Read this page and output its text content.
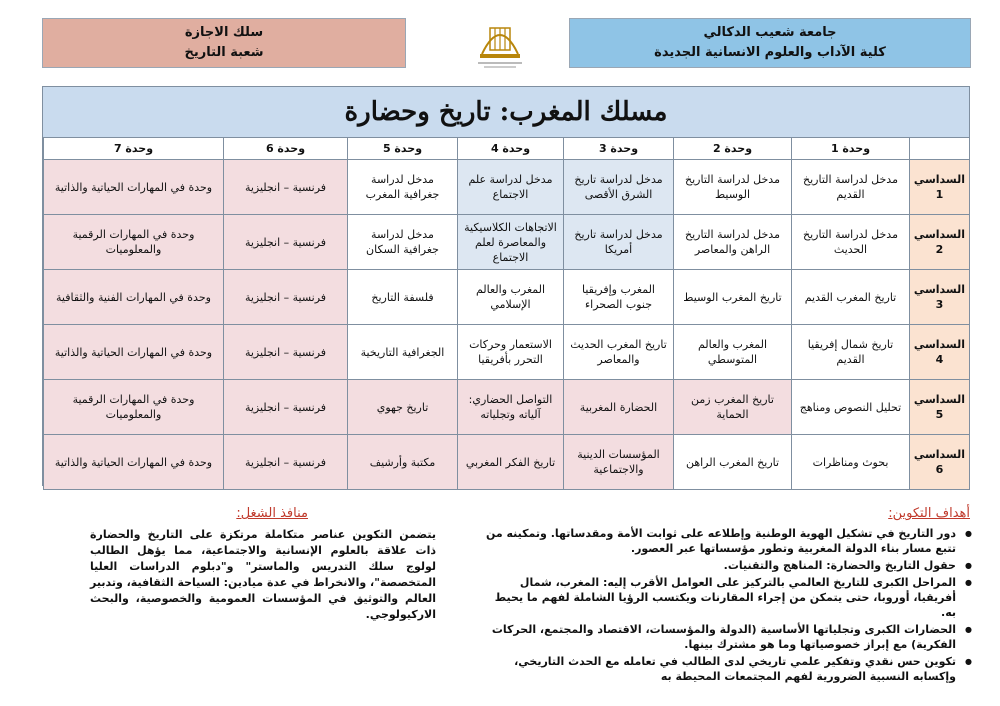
جامعة شعيب الدكالي
كلية الآداب والعلوم الانسانية الجديدة
سلك الاجازة
شعبة التاريخ
مسلك المغرب: تاريخ وحضارة
	وحدة 1	وحدة 2	وحدة 3	وحدة 4	وحدة 5	وحدة 6	وحدة 7
السداسي 1	مدخل لدراسة التاريخ القديم	مدخل لدراسة التاريخ الوسيط	مدخل لدراسة تاريخ الشرق الأقصى	مدخل لدراسة علم الاجتماع	مدخل لدراسة جغرافية المغرب	فرنسية – انجليزية	وحدة في المهارات الحياتية والذاتية
السداسي 2	مدخل لدراسة التاريخ الحديث	مدخل لدراسة التاريخ الراهن والمعاصر	مدخل لدراسة تاريخ أمريكا	الاتجاهات الكلاسيكية والمعاصرة لعلم الاجتماع	مدخل لدراسة جغرافية السكان	فرنسية – انجليزية	وحدة في المهارات الرقمية والمعلوميات
السداسي 3	تاريخ المغرب القديم	تاريخ المغرب الوسيط	المغرب وإفريقيا جنوب الصحراء	المغرب والعالم الإسلامي	فلسفة التاريخ	فرنسية – انجليزية	وحدة في المهارات الفنية والثقافية
السداسي 4	تاريخ شمال إفريقيا القديم	المغرب والعالم المتوسطي	تاريخ المغرب الحديث والمعاصر	الاستعمار وحركات التحرر بأفريقيا	الجغرافية التاريخية	فرنسية – انجليزية	وحدة في المهارات الحياتية والذاتية
السداسي 5	تحليل النصوص ومناهج	تاريخ المغرب زمن الحماية	الحضارة المغربية	التواصل الحضاري: آلياته وتجلياته	تاريخ جهوي	فرنسية – انجليزية	وحدة في المهارات الرقمية والمعلوميات
السداسي 6	بحوث ومناظرات	تاريخ المغرب الراهن	المؤسسات الدينية والاجتماعية	تاريخ الفكر المغربي	مكتبة وأرشيف	فرنسية – انجليزية	وحدة في المهارات الحياتية والذاتية
أهداف التكوين:
● دور التاريخ في تشكيل الهوية الوطنية وإطلاعه على ثوابت الأمة ومقدساتها. وتمكينه من تتبع مسار بناء الدولة المغربية وتطور مؤسساتها عبر العصور.
● حقول التاريخ والحضارة: المناهج والتقنيات.
● المراحل الكبرى للتاريخ العالمي بالتركيز على العوامل الأقرب إليه: المغرب، شمال أفريقيا، أوروبا، حتى يتمكن من إجراء المقارنات ويكتسب الرؤيا الشاملة لفهم ما يحيط به.
● الحضارات الكبرى وتجلياتها الأساسية (الدولة والمؤسسات، الاقتصاد والمجتمع، الحركات الفكرية) مع إبراز خصوصياتها وما هو مشترك بينها.
● تكوين حس نقدي وتفكير علمي تاريخي لدى الطالب في تعامله مع الحدث التاريخي، وإكسابه النسبية الضرورية لفهم المجتمعات المحيطة به
منافذ الشغل:
يتضمن التكوين عناصر متكاملة مرتكزة على التاريخ والحضارة ذات علاقة بالعلوم الإنسانية والاجتماعية، مما يؤهل الطالب لولوج سلك التدريس والماستر" و"دبلوم الدراسات العليا المتخصصة"، والانخراط في عدة ميادين: السياحة الثقافية، وتدبير العالم والتوثيق في المؤسسات العمومية والخصوصية، والبحث الاركيولوجي.
